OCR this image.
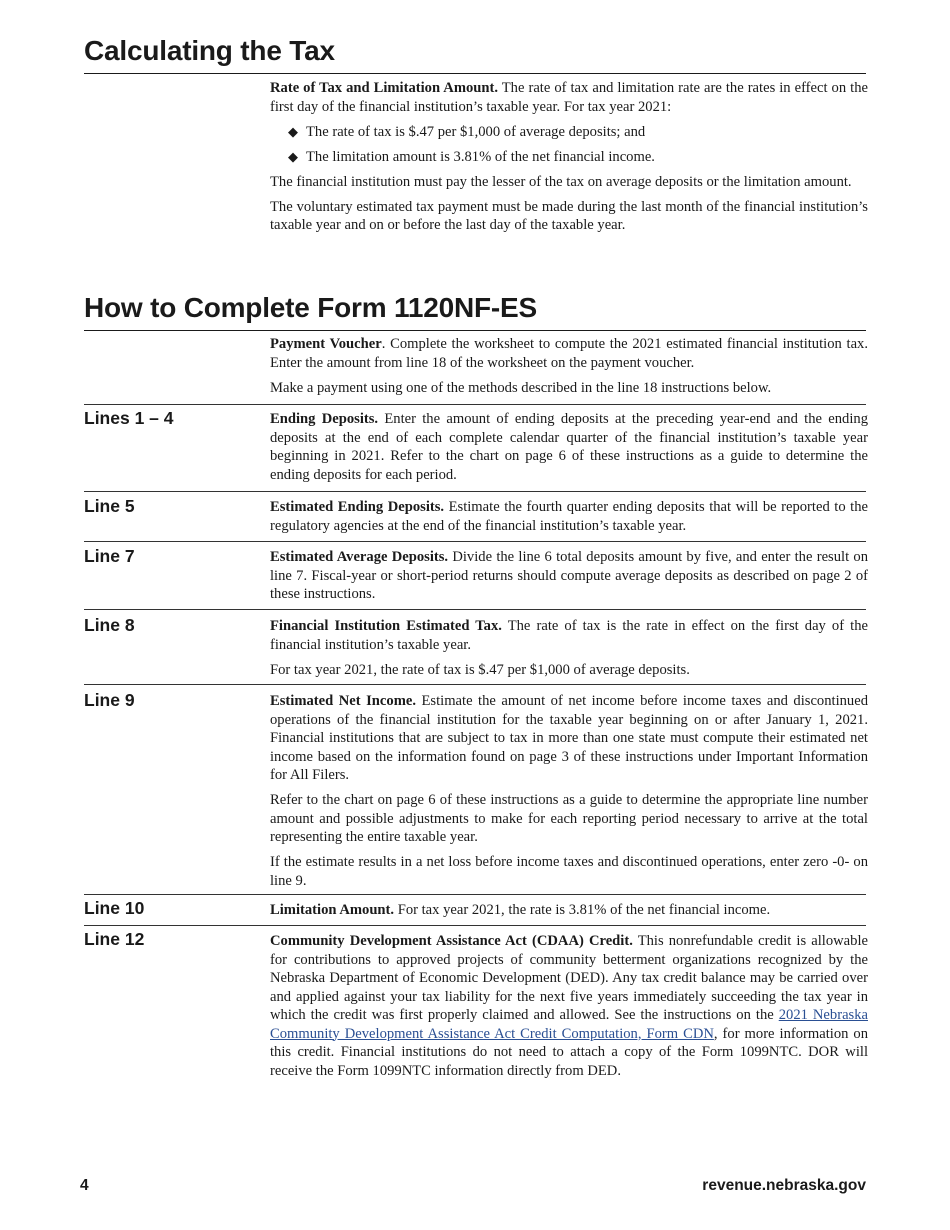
Calculating the Tax

Rate of Tax and Limitation Amount. The rate of tax and limitation rate are the rates in effect on the first day of the financial institution’s taxable year. For tax year 2021:

◆ The rate of tax is $.47 per $1,000 of average deposits; and
◆ The limitation amount is 3.81% of the net financial income.

The financial institution must pay the lesser of the tax on average deposits or the limitation amount.

The voluntary estimated tax payment must be made during the last month of the financial institution’s taxable year and on or before the last day of the taxable year.

How to Complete Form 1120NF-ES

Payment Voucher. Complete the worksheet to compute the 2021 estimated financial institution tax. Enter the amount from line 18 of the worksheet on the payment voucher.

Make a payment using one of the methods described in the line 18 instructions below.

Lines 1 – 4	Ending Deposits. Enter the amount of ending deposits at the preceding year-end and the ending deposits at the end of each complete calendar quarter of the financial institution’s taxable year beginning in 2021. Refer to the chart on page 6 of these instructions as a guide to determine the ending deposits for each period.

Line 5	Estimated Ending Deposits. Estimate the fourth quarter ending deposits that will be reported to the regulatory agencies at the end of the financial institution’s taxable year.

Line 7	Estimated Average Deposits. Divide the line 6 total deposits amount by five, and enter the result on line 7. Fiscal-year or short-period returns should compute average deposits as described on page 2 of these instructions.

Line 8	Financial Institution Estimated Tax. The rate of tax is the rate in effect on the first day of the financial institution’s taxable year.

For tax year 2021, the rate of tax is $.47 per $1,000 of average deposits.

Line 9	Estimated Net Income. Estimate the amount of net income before income taxes and discontinued operations of the financial institution for the taxable year beginning on or after January 1, 2021. Financial institutions that are subject to tax in more than one state must compute their estimated net income based on the information found on page 3 of these instructions under Important Information for All Filers.

Refer to the chart on page 6 of these instructions as a guide to determine the appropriate line number amount and possible adjustments to make for each reporting period necessary to arrive at the total representing the entire taxable year.

If the estimate results in a net loss before income taxes and discontinued operations, enter zero -0- on line 9.

Line 10	Limitation Amount. For tax year 2021, the rate is 3.81% of the net financial income.

Line 12	Community Development Assistance Act (CDAA) Credit. This nonrefundable credit is allowable for contributions to approved projects of community betterment organizations recognized by the Nebraska Department of Economic Development (DED). Any tax credit balance may be carried over and applied against your tax liability for the next five years immediately succeeding the tax year in which the credit was first properly claimed and allowed. See the instructions on the 2021 Nebraska Community Development Assistance Act Credit Computation, Form CDN, for more information on this credit. Financial institutions do not need to attach a copy of the Form 1099NTC. DOR will receive the Form 1099NTC information directly from DED.

4	revenue.nebraska.gov
